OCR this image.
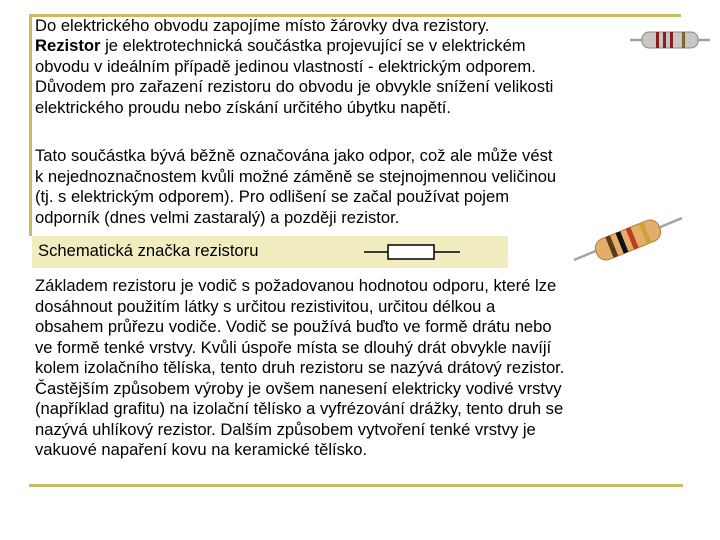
Do elektrického obvodu zapojíme místo žárovky dva rezistory.

Rezistor je elektrotechnická součástka projevující se v elektrickém
obvodu v ideálním případě jedinou vlastností - elektrickým odporem.
Důvodem pro zařazení rezistoru do obvodu je obvykle snížení velikosti
elektrického proudu nebo získání určitého úbytku napětí.

Tato součástka bývá běžně označována jako odpor, což ale může vést
k nejednoznačnostem kvůli možné záměně se stejnojmennou veličinou
(tj. s elektrickým odporem). Pro odlišení se začal používat pojem
odporník (dnes velmi zastaralý) a později rezistor.

Schematická značka rezistoru

Základem rezistoru je vodič s požadovanou hodnotou odporu, které lze
dosáhnout použitím látky s určitou rezistivitou, určitou délkou a
obsahem průřezu vodiče. Vodič se používá buďto ve formě drátu nebo
ve formě tenké vrstvy. Kvůli úspoře místa se dlouhý drát obvykle navíjí
kolem izolačního tělíska, tento druh rezistoru se nazývá drátový rezistor.
Častějším způsobem výroby je ovšem nanesení elektricky vodivé vrstvy
(například grafitu) na izolační tělísko a vyfrézování drážky, tento druh se
nazývá uhlíkový rezistor. Dalším způsobem vytvoření tenké vrstvy je
vakuové napaření kovu na keramické tělísko.
